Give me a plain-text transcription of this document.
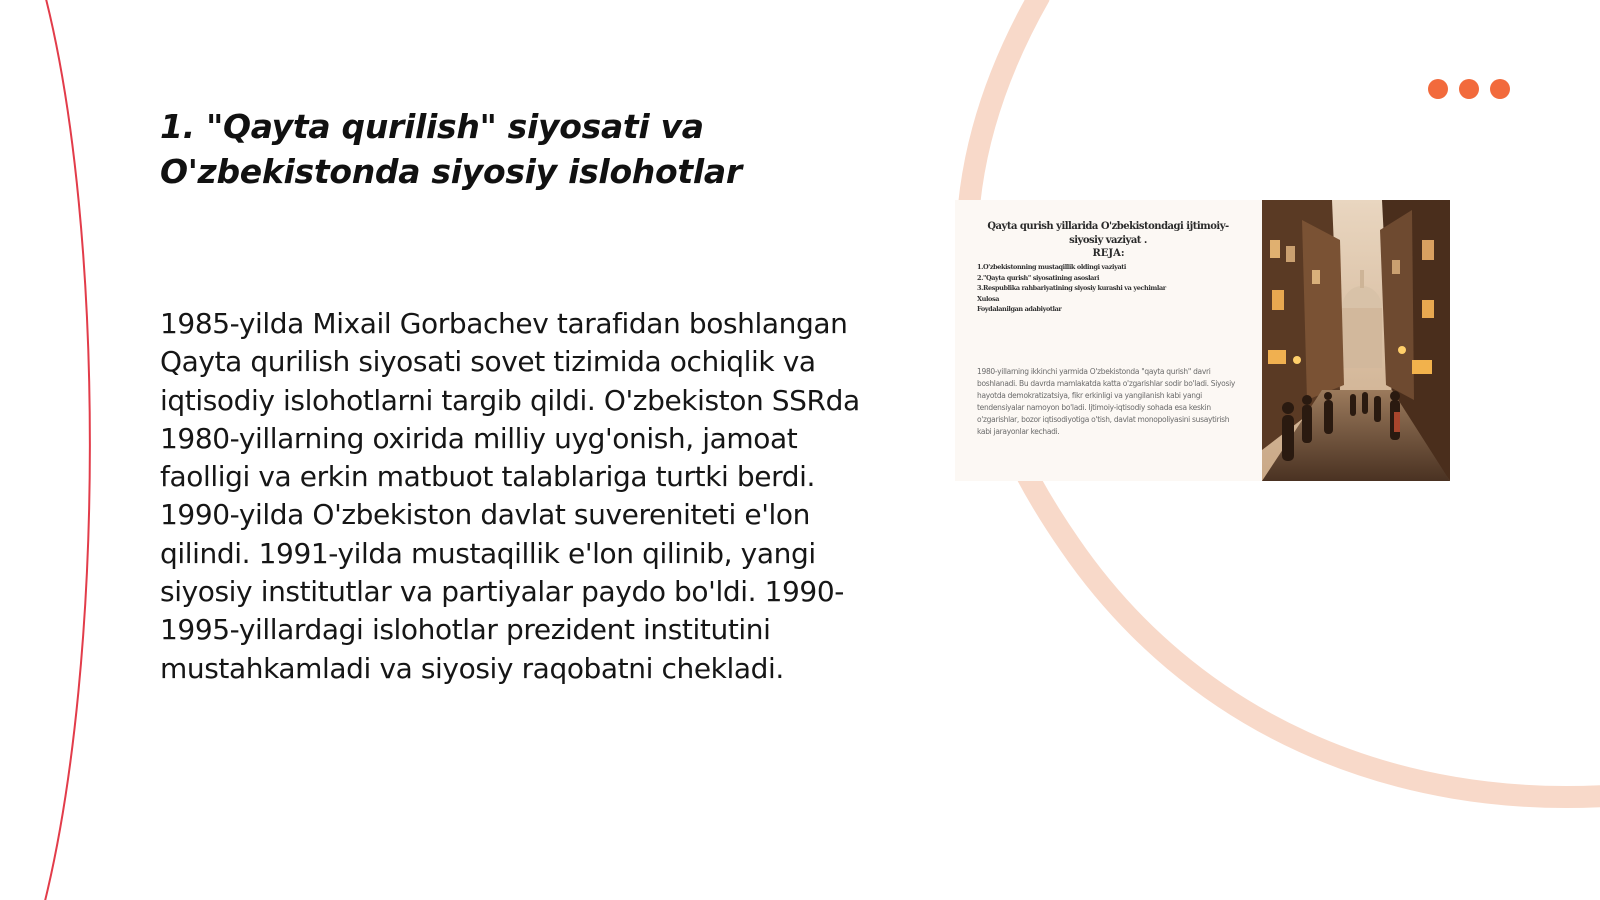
1. "Qayta qurilish" siyosati va O'zbekistonda siyosiy islohotlar

1985-yilda Mixail Gorbachev tarafidan boshlangan Qayta qurilish siyosati sovet tizimida ochiqlik va iqtisodiy islohotlarni targib qildi. O'zbekiston SSRda 1980-yillarning oxirida milliy uyg'onish, jamoat faolligi va erkin matbuot talablariga turtki berdi. 1990-yilda O'zbekiston davlat suvereniteti e'lon qilindi. 1991-yilda mustaqillik e'lon qilinib, yangi siyosiy institutlar va partiyalar paydo bo'ldi. 1990-1995-yillardagi islohotlar prezident institutini mustahkamladi va siyosiy raqobatni chekladi.

Qayta qurish yillarida O'zbekistondagi ijtimoiy-siyosiy vaziyat .
REJA:
1.O'zbekistonning mustaqillik oldingi vaziyati
2."Qayta qurish" siyosatining asoslari
3.Respublika rahbariyatining siyosiy kurashi va yechimlar
Xulosa
Foydalanilgan adabiyotlar
1980-yillarning ikkinchi yarmida O'zbekistonda "qayta qurish" davri boshlanadi. Bu davrda mamlakatda katta o'zgarishlar sodir bo'ladi. Siyosiy hayotda demokratizatsiya, fikr erkinligi va yangilanish kabi yangi tendensiyalar namoyon bo'ladi. Ijtimoiy-iqtisodiy sohada esa keskin o'zgarishlar, bozor iqtisodiyotiga o'tish, davlat monopoliyasini susaytirish kabi jarayonlar kechadi.
